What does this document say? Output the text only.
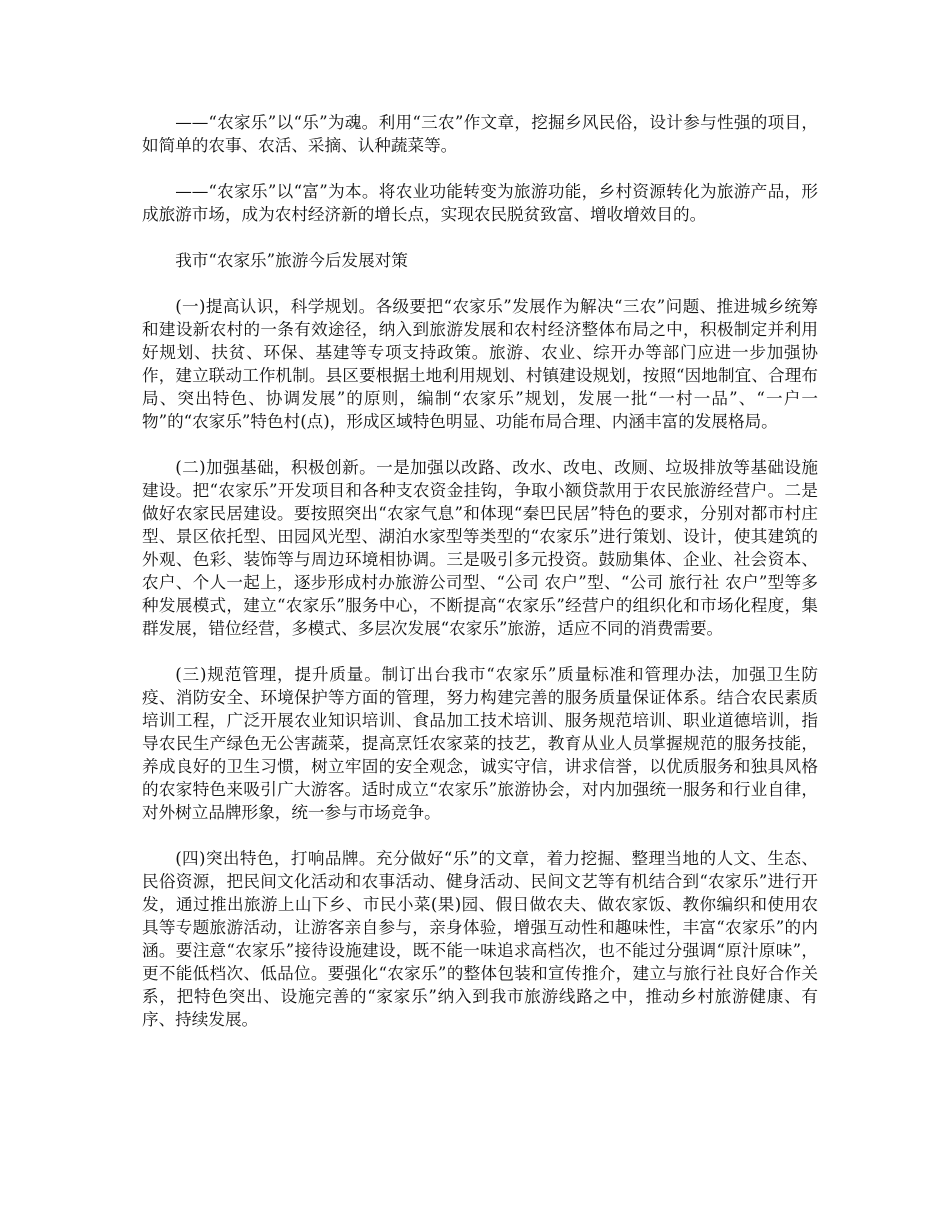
——“农家乐”以“乐”为魂。利用“三农”作文章，挖掘乡风民俗，设计参与性强的项目，如简单的农事、农活、采摘、认种蔬菜等。

——“农家乐”以“富”为本。将农业功能转变为旅游功能，乡村资源转化为旅游产品，形成旅游市场，成为农村经济新的增长点，实现农民脱贫致富、增收增效目的。

我市“农家乐”旅游今后发展对策

(一)提高认识，科学规划。各级要把“农家乐”发展作为解决“三农”问题、推进城乡统筹和建设新农村的一条有效途径，纳入到旅游发展和农村经济整体布局之中，积极制定并利用好规划、扶贫、环保、基建等专项支持政策。旅游、农业、综开办等部门应进一步加强协作，建立联动工作机制。县区要根据土地利用规划、村镇建设规划，按照“因地制宜、合理布局、突出特色、协调发展”的原则，编制“农家乐”规划，发展一批“一村一品”、“一户一物”的“农家乐”特色村(点)，形成区域特色明显、功能布局合理、内涵丰富的发展格局。

(二)加强基础，积极创新。一是加强以改路、改水、改电、改厕、垃圾排放等基础设施建设。把“农家乐”开发项目和各种支农资金挂钩，争取小额贷款用于农民旅游经营户。二是做好农家民居建设。要按照突出“农家气息”和体现“秦巴民居”特色的要求，分别对都市村庄型、景区依托型、田园风光型、湖泊水家型等类型的“农家乐”进行策划、设计，使其建筑的外观、色彩、装饰等与周边环境相协调。三是吸引多元投资。鼓励集体、企业、社会资本、农户、个人一起上，逐步形成村办旅游公司型、“公司 农户”型、“公司 旅行社 农户”型等多种发展模式，建立“农家乐”服务中心，不断提高“农家乐”经营户的组织化和市场化程度，集群发展，错位经营，多模式、多层次发展“农家乐”旅游，适应不同的消费需要。

(三)规范管理，提升质量。制订出台我市“农家乐”质量标准和管理办法，加强卫生防疫、消防安全、环境保护等方面的管理，努力构建完善的服务质量保证体系。结合农民素质培训工程，广泛开展农业知识培训、食品加工技术培训、服务规范培训、职业道德培训，指导农民生产绿色无公害蔬菜，提高烹饪农家菜的技艺，教育从业人员掌握规范的服务技能，养成良好的卫生习惯，树立牢固的安全观念，诚实守信，讲求信誉，以优质服务和独具风格的农家特色来吸引广大游客。适时成立“农家乐”旅游协会，对内加强统一服务和行业自律，对外树立品牌形象，统一参与市场竞争。

(四)突出特色，打响品牌。充分做好“乐”的文章，着力挖掘、整理当地的人文、生态、民俗资源，把民间文化活动和农事活动、健身活动、民间文艺等有机结合到“农家乐”进行开发，通过推出旅游上山下乡、市民小菜(果)园、假日做农夫、做农家饭、教你编织和使用农具等专题旅游活动，让游客亲自参与，亲身体验，增强互动性和趣味性，丰富“农家乐”的内涵。要注意“农家乐”接待设施建设，既不能一味追求高档次，也不能过分强调“原汁原味”，更不能低档次、低品位。要强化“农家乐”的整体包装和宣传推介，建立与旅行社良好合作关系，把特色突出、设施完善的“家家乐”纳入到我市旅游线路之中，推动乡村旅游健康、有序、持续发展。
